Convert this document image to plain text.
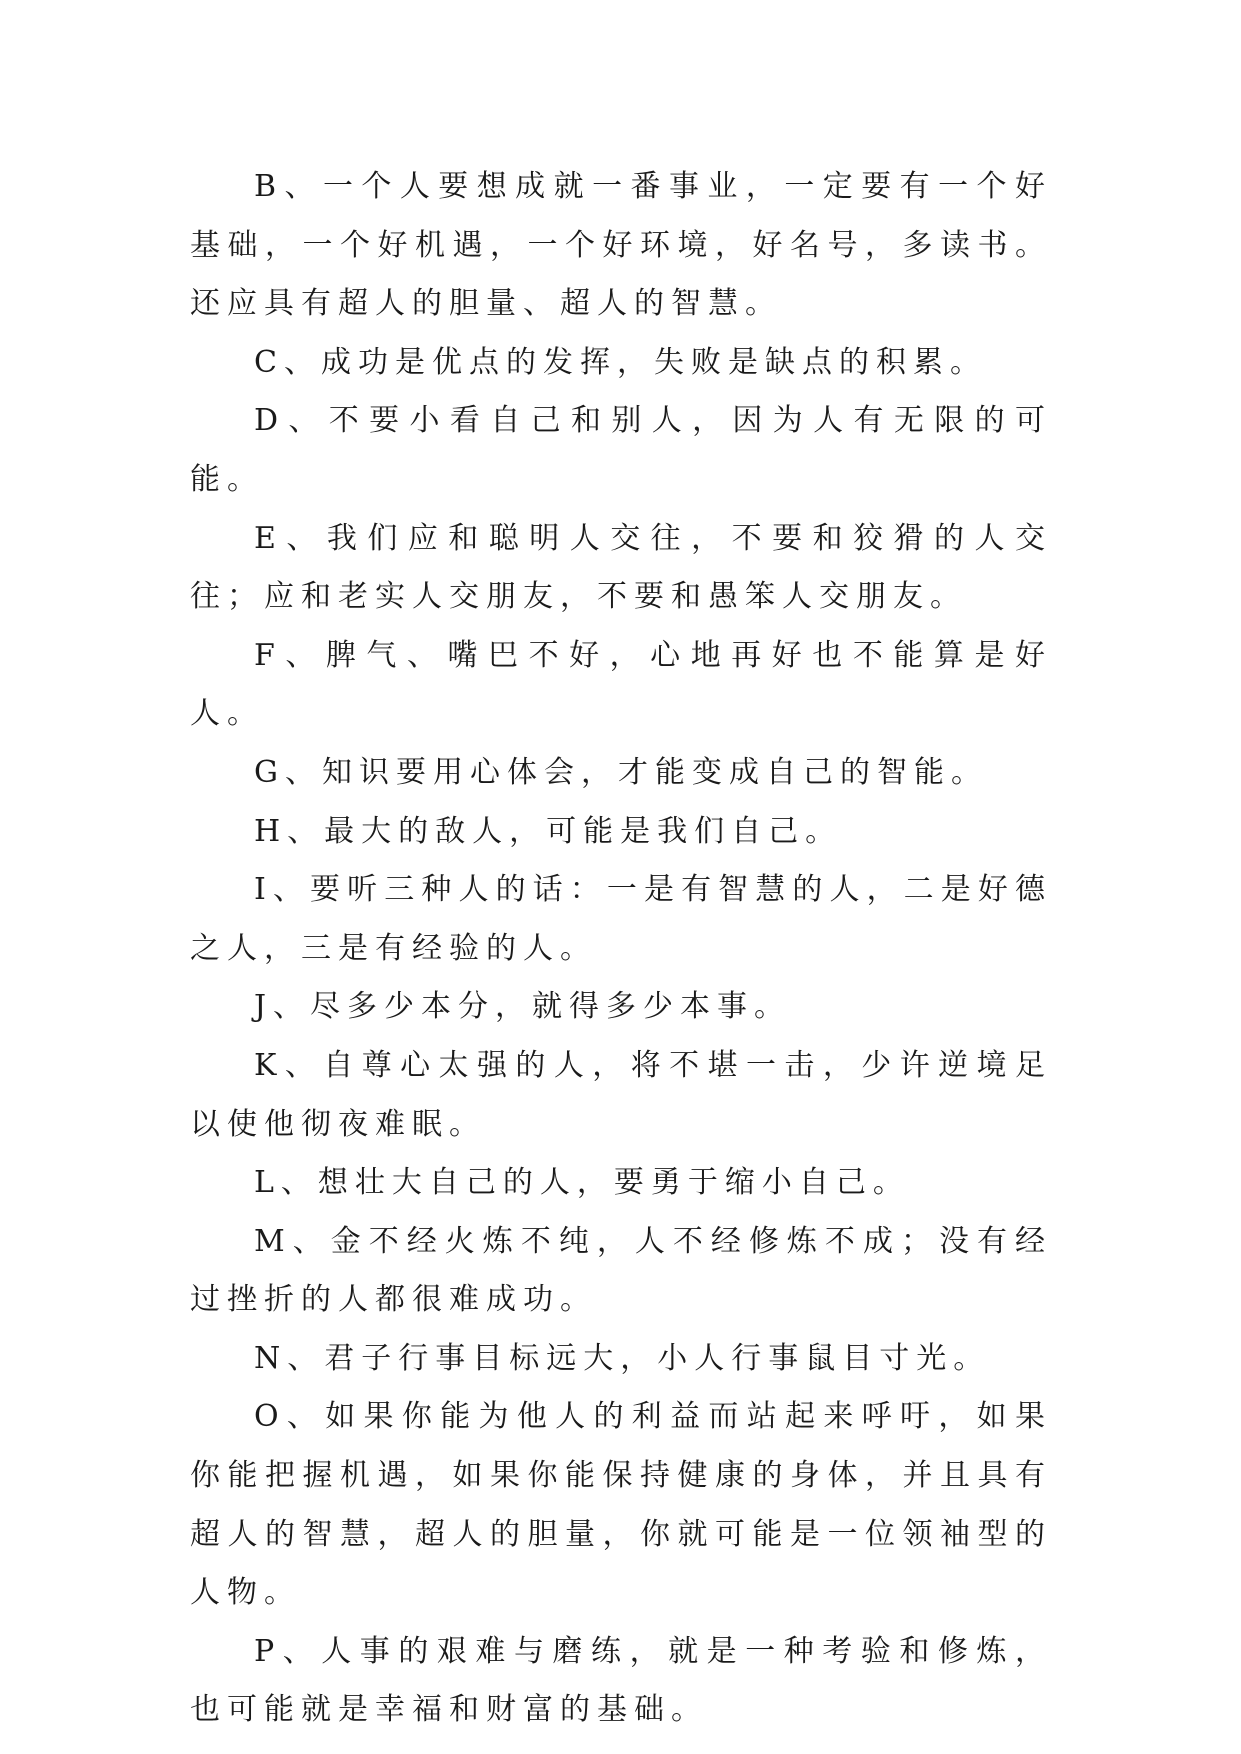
B、一个人要想成就一番事业，一定要有一个好基础，一个好机遇，一个好环境，好名号，多读书。还应具有超人的胆量、超人的智慧。

C、成功是优点的发挥，失败是缺点的积累。

D、不要小看自己和别人，因为人有无限的可能。

E、我们应和聪明人交往，不要和狡猾的人交往；应和老实人交朋友，不要和愚笨人交朋友。

F、脾气、嘴巴不好，心地再好也不能算是好人。

G、知识要用心体会，才能变成自己的智能。

H、最大的敌人，可能是我们自己。

I、要听三种人的话：一是有智慧的人，二是好德之人，三是有经验的人。

J、尽多少本分，就得多少本事。

K、自尊心太强的人，将不堪一击，少许逆境足以使他彻夜难眠。

L、想壮大自己的人，要勇于缩小自己。

M、金不经火炼不纯，人不经修炼不成；没有经过挫折的人都很难成功。

N、君子行事目标远大，小人行事鼠目寸光。

O、如果你能为他人的利益而站起来呼吁，如果你能把握机遇，如果你能保持健康的身体，并且具有超人的智慧，超人的胆量，你就可能是一位领袖型的人物。

P、人事的艰难与磨练，就是一种考验和修炼，也可能就是幸福和财富的基础。
